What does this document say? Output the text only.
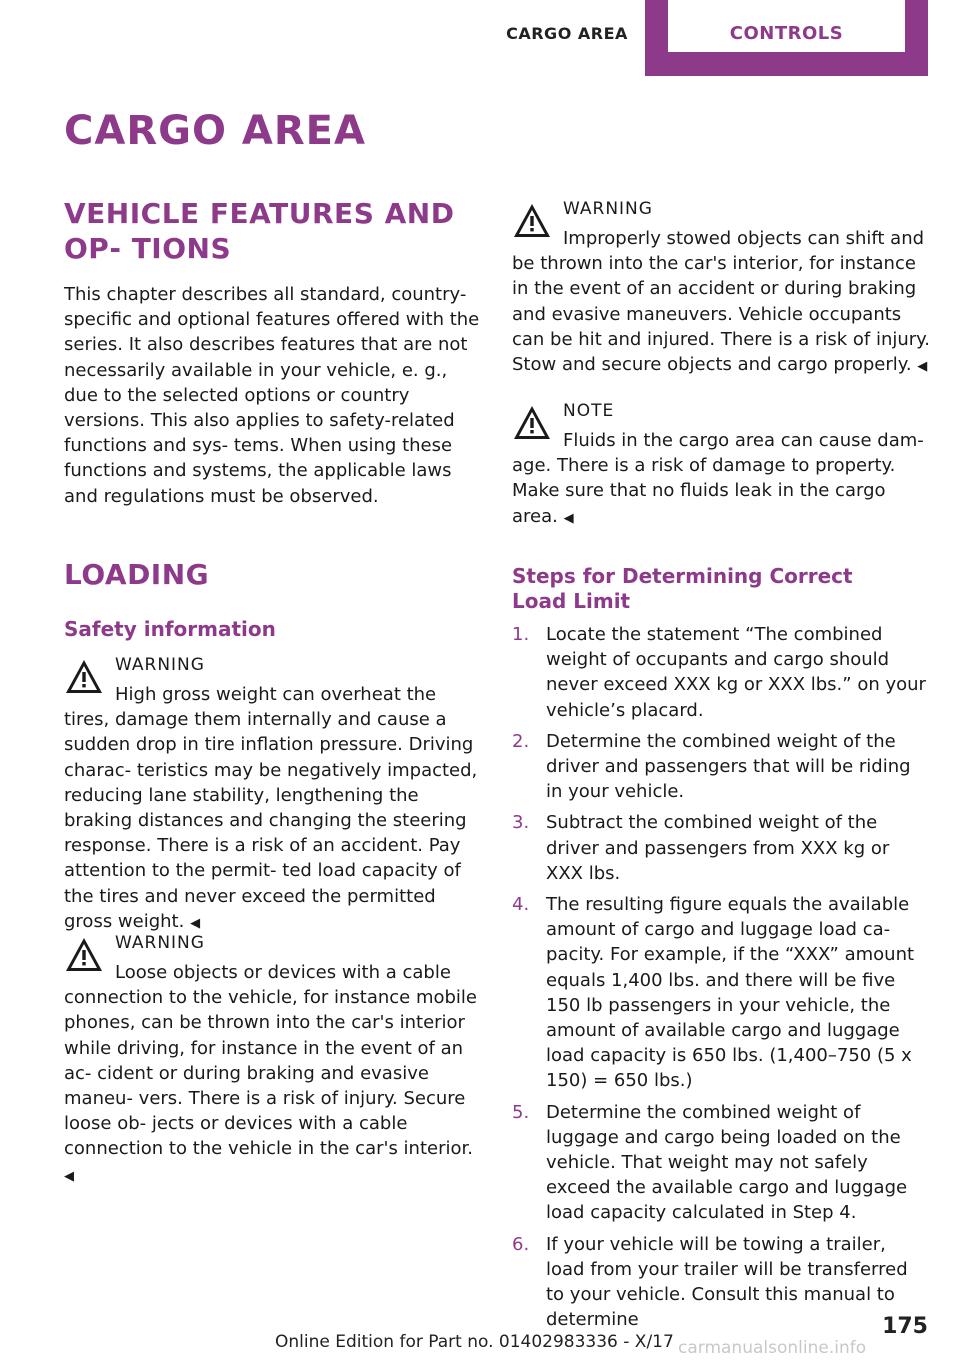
CARGO AREA	CONTROLS
CARGO AREA
VEHICLE FEATURES AND OP‐ TIONS

This chapter describes all standard, country- specific and optional features offered with the series. It also describes features that are not necessarily available in your vehicle, e. g., due to the selected options or country versions. This also applies to safety-related functions and sys‐ tems. When using these functions and systems, the applicable laws and regulations must be observed.

LOADING
Safety information
WARNING

High gross weight can overheat the tires, damage them internally and cause a sudden drop in tire inflation pressure. Driving charac‐ teristics may be negatively impacted, reducing lane stability, lengthening the braking distances and changing the steering response. There is a risk of an accident. Pay attention to the permit‐ ted load capacity of the tires and never exceed the permitted gross weight. ◀

WARNING

Loose objects or devices with a cable connection to the vehicle, for instance mobile phones, can be thrown into the car's interior while driving, for instance in the event of an ac‐ cident or during braking and evasive maneu‐ vers. There is a risk of injury. Secure loose ob‐ jects or devices with a cable connection to the vehicle in the car's interior. ◀

WARNING

Improperly stowed objects can shift and be thrown into the car's interior, for instance in the event of an accident or during braking and evasive maneuvers. Vehicle occupants can be hit and injured. There is a risk of injury. Stow and secure objects and cargo properly. ◀

NOTE

Fluids in the cargo area can cause dam‐ age. There is a risk of damage to property. Make sure that no fluids leak in the cargo area. ◀

Steps for Determining Correct Load Limit
1. Locate the statement “The combined weight of occupants and cargo should never exceed XXX kg or XXX lbs.” on your vehicle’s placard.
2. Determine the combined weight of the driver and passengers that will be riding in your vehicle.
3. Subtract the combined weight of the driver and passengers from XXX kg or XXX lbs.
4. The resulting figure equals the available amount of cargo and luggage load ca‐ pacity. For example, if the “XXX” amount equals 1,400 lbs. and there will be five 150 lb passengers in your vehicle, the amount of available cargo and luggage load capacity is 650 lbs. (1,400–750 (5 x 150) = 650 lbs.)
5. Determine the combined weight of luggage and cargo being loaded on the vehicle. That weight may not safely exceed the available cargo and luggage load capacity calculated in Step 4.
6. If your vehicle will be towing a trailer, load from your trailer will be transferred to your vehicle. Consult this manual to determine	175
Online Edition for Part no. 01402983336 - X/17 carmanualsonline.info
